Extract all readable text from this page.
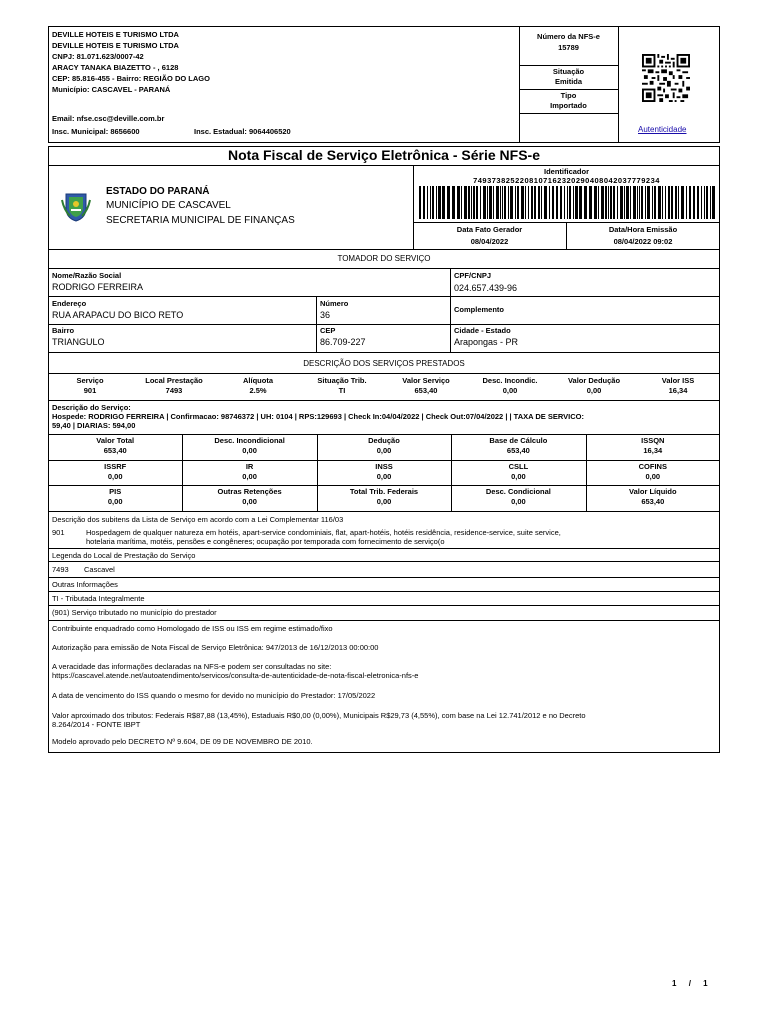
DEVILLE HOTEIS E TURISMO LTDA
DEVILLE HOTEIS E TURISMO LTDA
CNPJ: 81.071.623/0007-42
ARACY TANAKA BIAZETTO - , 6128
CEP: 85.816-455 - Bairro: REGIÃO DO LAGO
Município: CASCAVEL - PARANÁ
Email: nfse.csc@deville.com.br
Insc. Municipal: 8656600	Insc. Estadual: 9064406520
Número da NFS-e
15789
Situação
Emitida
Tipo
Importado
Autenticidade
Nota Fiscal de Serviço Eletrônica - Série NFS-e
ESTADO DO PARANÁ
MUNICÍPIO DE CASCAVEL
SECRETARIA MUNICIPAL DE FINANÇAS
Identificador
7493738252208107162320290408042037779234
Data Fato Gerador
08/04/2022
Data/Hora Emissão
08/04/2022 09:02
TOMADOR DO SERVIÇO
Nome/Razão Social
RODRIGO FERREIRA
CPF/CNPJ
024.657.439-96
Endereço
RUA ARAPACU DO BICO RETO
Número
36
Complemento
Bairro
TRIANGULO
CEP
86.709-227
Cidade - Estado
Arapongas - PR
DESCRIÇÃO DOS SERVIÇOS PRESTADOS
Serviço
901
Local Prestação
7493
Alíquota
2.5%
Situação Trib.
TI
Valor Serviço
653,40
Desc. Incondic.
0,00
Valor Dedução
0,00
Valor ISS
16,34
Descrição do Serviço:
Hospede: RODRIGO FERREIRA | Confirmacao: 98746372 | UH: 0104 | RPS:129693 | Check In:04/04/2022 | Check Out:07/04/2022 | | TAXA DE SERVICO:
59,40 | DIARIAS: 594,00
Valor Total
653,40
Desc. Incondicional
0,00
Dedução
0,00
Base de Cálculo
653,40
ISSQN
16,34
ISSRF
0,00
IR
0,00
INSS
0,00
CSLL
0,00
COFINS
0,00
PIS
0,00
Outras Retenções
0,00
Total Trib. Federais
0,00
Desc. Condicional
0,00
Valor Líquido
653,40
Descrição dos subitens da Lista de Serviço em acordo com a Lei Complementar 116/03
901	Hospedagem de qualquer natureza em hotéis, apart-service condominiais, flat, apart-hotéis, hotéis residência, residence-service, suite service,
hotelaria marítima, motéis, pensões e congêneres; ocupação por temporada com fornecimento de serviço(o
Legenda do Local de Prestação do Serviço
7493 Cascavel
Outras Informações
TI - Tributada Integralmente
(901) Serviço tributado no município do prestador
Contribuinte enquadrado como Homologado de ISS ou ISS em regime estimado/fixo
Autorização para emissão de Nota Fiscal de Serviço Eletrônica: 947/2013 de 16/12/2013 00:00:00
A veracidade das informações declaradas na NFS-e podem ser consultadas no site:
https://cascavel.atende.net/autoatendimento/servicos/consulta-de-autenticidade-de-nota-fiscal-eletronica-nfs-e
A data de vencimento do ISS quando o mesmo for devido no município do Prestador: 17/05/2022
Valor aproximado dos tributos: Federais R$87,88 (13,45%), Estaduais R$0,00 (0,00%), Municipais R$29,73 (4,55%), com base na Lei 12.741/2012 e no Decreto
8.264/2014 - FONTE IBPT
Modelo aprovado pelo DECRETO Nº 9.604, DE 09 DE NOVEMBRO DE 2010.
1 / 1
